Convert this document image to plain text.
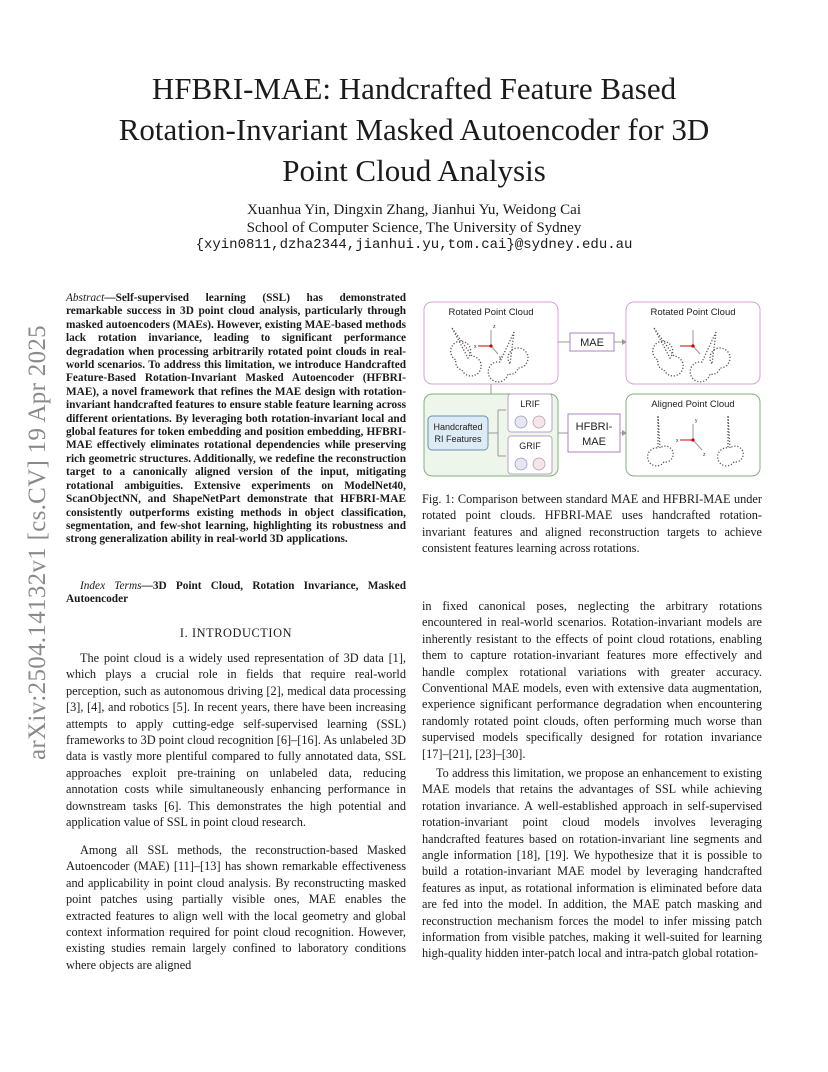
HFBRI-MAE: Handcrafted Feature Based
Rotation-Invariant Masked Autoencoder for 3D
Point Cloud Analysis
Xuanhua Yin, Dingxin Zhang, Jianhui Yu, Weidong Cai
School of Computer Science, The University of Sydney
{xyin0811,dzha2344,jianhui.yu,tom.cai}@sydney.edu.au
arXiv:2504.14132v1 [cs.CV] 19 Apr 2025
Abstract—Self-supervised learning (SSL) has demonstrated remarkable success in 3D point cloud analysis, particularly through masked autoencoders (MAEs). However, existing MAE-based methods lack rotation invariance, leading to significant performance degradation when processing arbitrarily rotated point clouds in real-world scenarios. To address this limitation, we introduce Handcrafted Feature-Based Rotation-Invariant Masked Autoencoder (HFBRI-MAE), a novel framework that refines the MAE design with rotation-invariant handcrafted features to ensure stable feature learning across different orientations. By leveraging both rotation-invariant local and global features for token embedding and position embedding, HFBRI-MAE effectively eliminates rotational dependencies while preserving rich geometric structures. Additionally, we redefine the reconstruction target to a canonically aligned version of the input, mitigating rotational ambiguities. Extensive experiments on ModelNet40, ScanObjectNN, and ShapeNetPart demonstrate that HFBRI-MAE consistently outperforms existing methods in object classification, segmentation, and few-shot learning, highlighting its robustness and strong generalization ability in real-world 3D applications.
Index Terms—3D Point Cloud, Rotation Invariance, Masked Autoencoder
I. INTRODUCTION

The point cloud is a widely used representation of 3D data [1], which plays a crucial role in fields that require real-world perception, such as autonomous driving [2], medical data processing [3], [4], and robotics [5]. In recent years, there have been increasing attempts to apply cutting-edge self-supervised learning (SSL) frameworks to 3D point cloud recognition [6]–[16]. As unlabeled 3D data is vastly more plentiful compared to fully annotated data, SSL approaches exploit pre-training on unlabeled data, reducing annotation costs while simultaneously enhancing performance in downstream tasks [6]. This demonstrates the high potential and application value of SSL in point cloud research.

Among all SSL methods, the reconstruction-based Masked Autoencoder (MAE) [11]–[13] has shown remarkable effectiveness and applicability in point cloud analysis. By reconstructing masked point patches using partially visible ones, MAE enables the extracted features to align well with the local geometry and global context information required for point cloud recognition. However, existing studies remain largely confined to laboratory conditions where objects are aligned

Rotated Point Cloud
z
x
y
MAE
Rotated Point Cloud
Handcrafted
RI Features
LRIF
GRIF
HFBRI-
MAE
Aligned Point Cloud
y
x
z

Fig. 1: Comparison between standard MAE and HFBRI-MAE under rotated point clouds. HFBRI-MAE uses handcrafted rotation-invariant features and aligned reconstruction targets to achieve consistent features learning across rotations.

in fixed canonical poses, neglecting the arbitrary rotations encountered in real-world scenarios. Rotation-invariant models are inherently resistant to the effects of point cloud rotations, enabling them to capture rotation-invariant features more effectively and handle complex rotational variations with greater accuracy. Conventional MAE models, even with extensive data augmentation, experience significant performance degradation when encountering randomly rotated point clouds, often performing much worse than supervised models specifically designed for rotation invariance [17]–[21], [23]–[30].

To address this limitation, we propose an enhancement to existing MAE models that retains the advantages of SSL while achieving rotation invariance. A well-established approach in self-supervised rotation-invariant point cloud models involves leveraging handcrafted features based on rotation-invariant line segments and angle information [18], [19]. We hypothesize that it is possible to build a rotation-invariant MAE model by leveraging handcrafted features as input, as rotational information is eliminated before data are fed into the model. In addition, the MAE patch masking and reconstruction mechanism forces the model to infer missing patch information from visible patches, making it well-suited for learning high-quality hidden inter-patch local and intra-patch global rotation-
